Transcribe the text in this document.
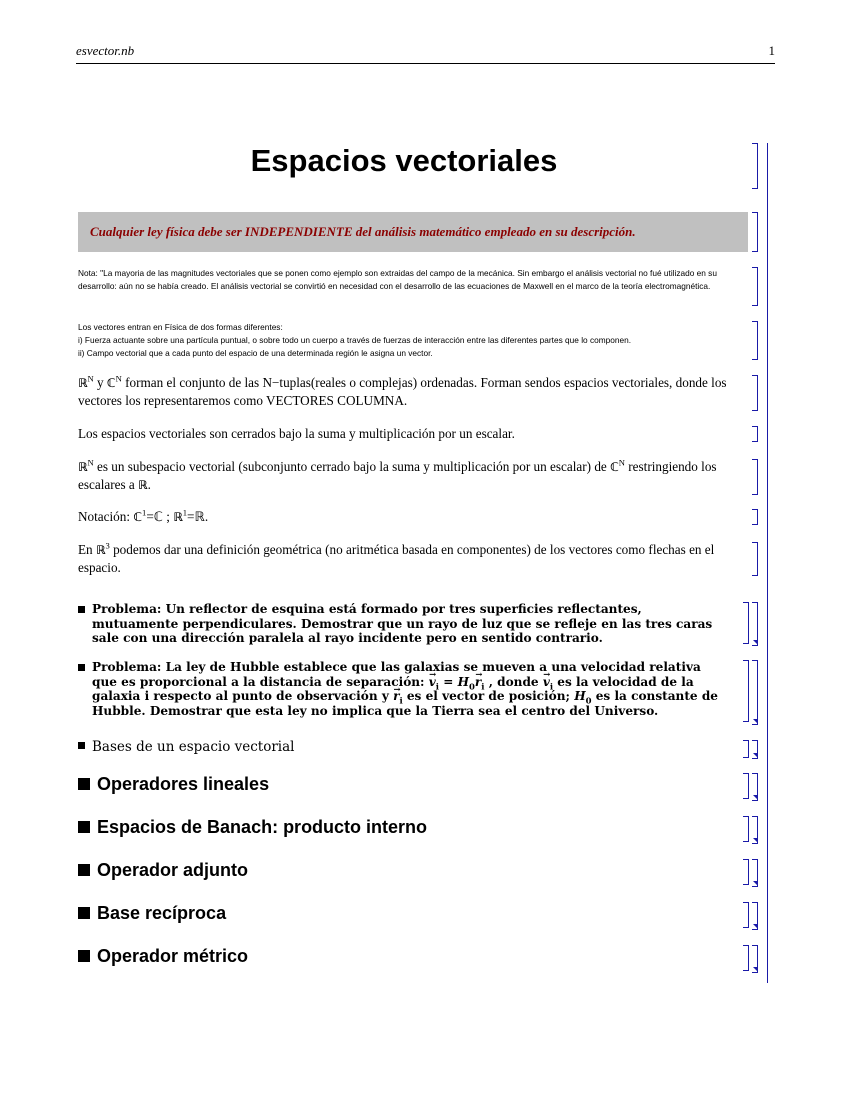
esvector.nb	1
Espacios vectoriales
Cualquier ley física debe ser INDEPENDIENTE del análisis matemático empleado en su descripción.
Nota: "La mayoria de las magnitudes vectoriales que se ponen como ejemplo son extraidas del campo de la mecánica. Sin embargo el análisis vectorial no fué utilizado en su desarrollo: aún no se había creado. El análisis vectorial se convirtió en necesidad con el desarrollo de las ecuaciones de Maxwell en el marco de la teoría electromagnética.
Los vectores entran en Física de dos formas diferentes:
i) Fuerza actuante sobre una partícula puntual, o sobre todo un cuerpo a través de fuerzas de interacción entre las diferentes partes que lo componen.
ii) Campo vectorial que a cada punto del espacio de una determinada región le asigna un vector.
ℝ$^N$ y ℂ$^N$ forman el conjunto de las N−tuplas(reales o complejas) ordenadas. Forman sendos espacios vectoriales, donde los vectores los representaremos como VECTORES COLUMNA.
Los espacios vectoriales son cerrados bajo la suma y multiplicación por un escalar.
ℝ$^N$ es un subespacio vectorial (subconjunto cerrado bajo la suma y multiplicación por un escalar) de ℂ$^N$ restringiendo los escalares a ℝ.
Notación: ℂ$^1$=ℂ ; ℝ$^1$=ℝ.
En ℝ$^3$ podemos dar una definición geométrica (no aritmética basada en componentes) de los vectores como flechas en el espacio.
Problema: Un reflector de esquina está formado por tres superficies reflectantes, mutuamente perpendiculares. Demostrar que un rayo de luz que se refleje en las tres caras sale con una dirección paralela al rayo incidente pero en sentido contrario.
Problema: La ley de Hubble establece que las galaxias se mueven a una velocidad relativa que es proporcional a la distancia de separación: → $v_i = H_0\to r_i$ , donde → $v_i$ es la velocidad de la galaxia i respecto al punto de observación $y \to r_i$ es el vector de posición; $H_0$ es la constante de Hubble. Demostrar que esta ley no implica que la Tierra sea el centro del Universo.
Bases de un espacio vectorial
Operadores lineales
Espacios de Banach: producto interno
Operador adjunto
Base recíproca
Operador métrico
